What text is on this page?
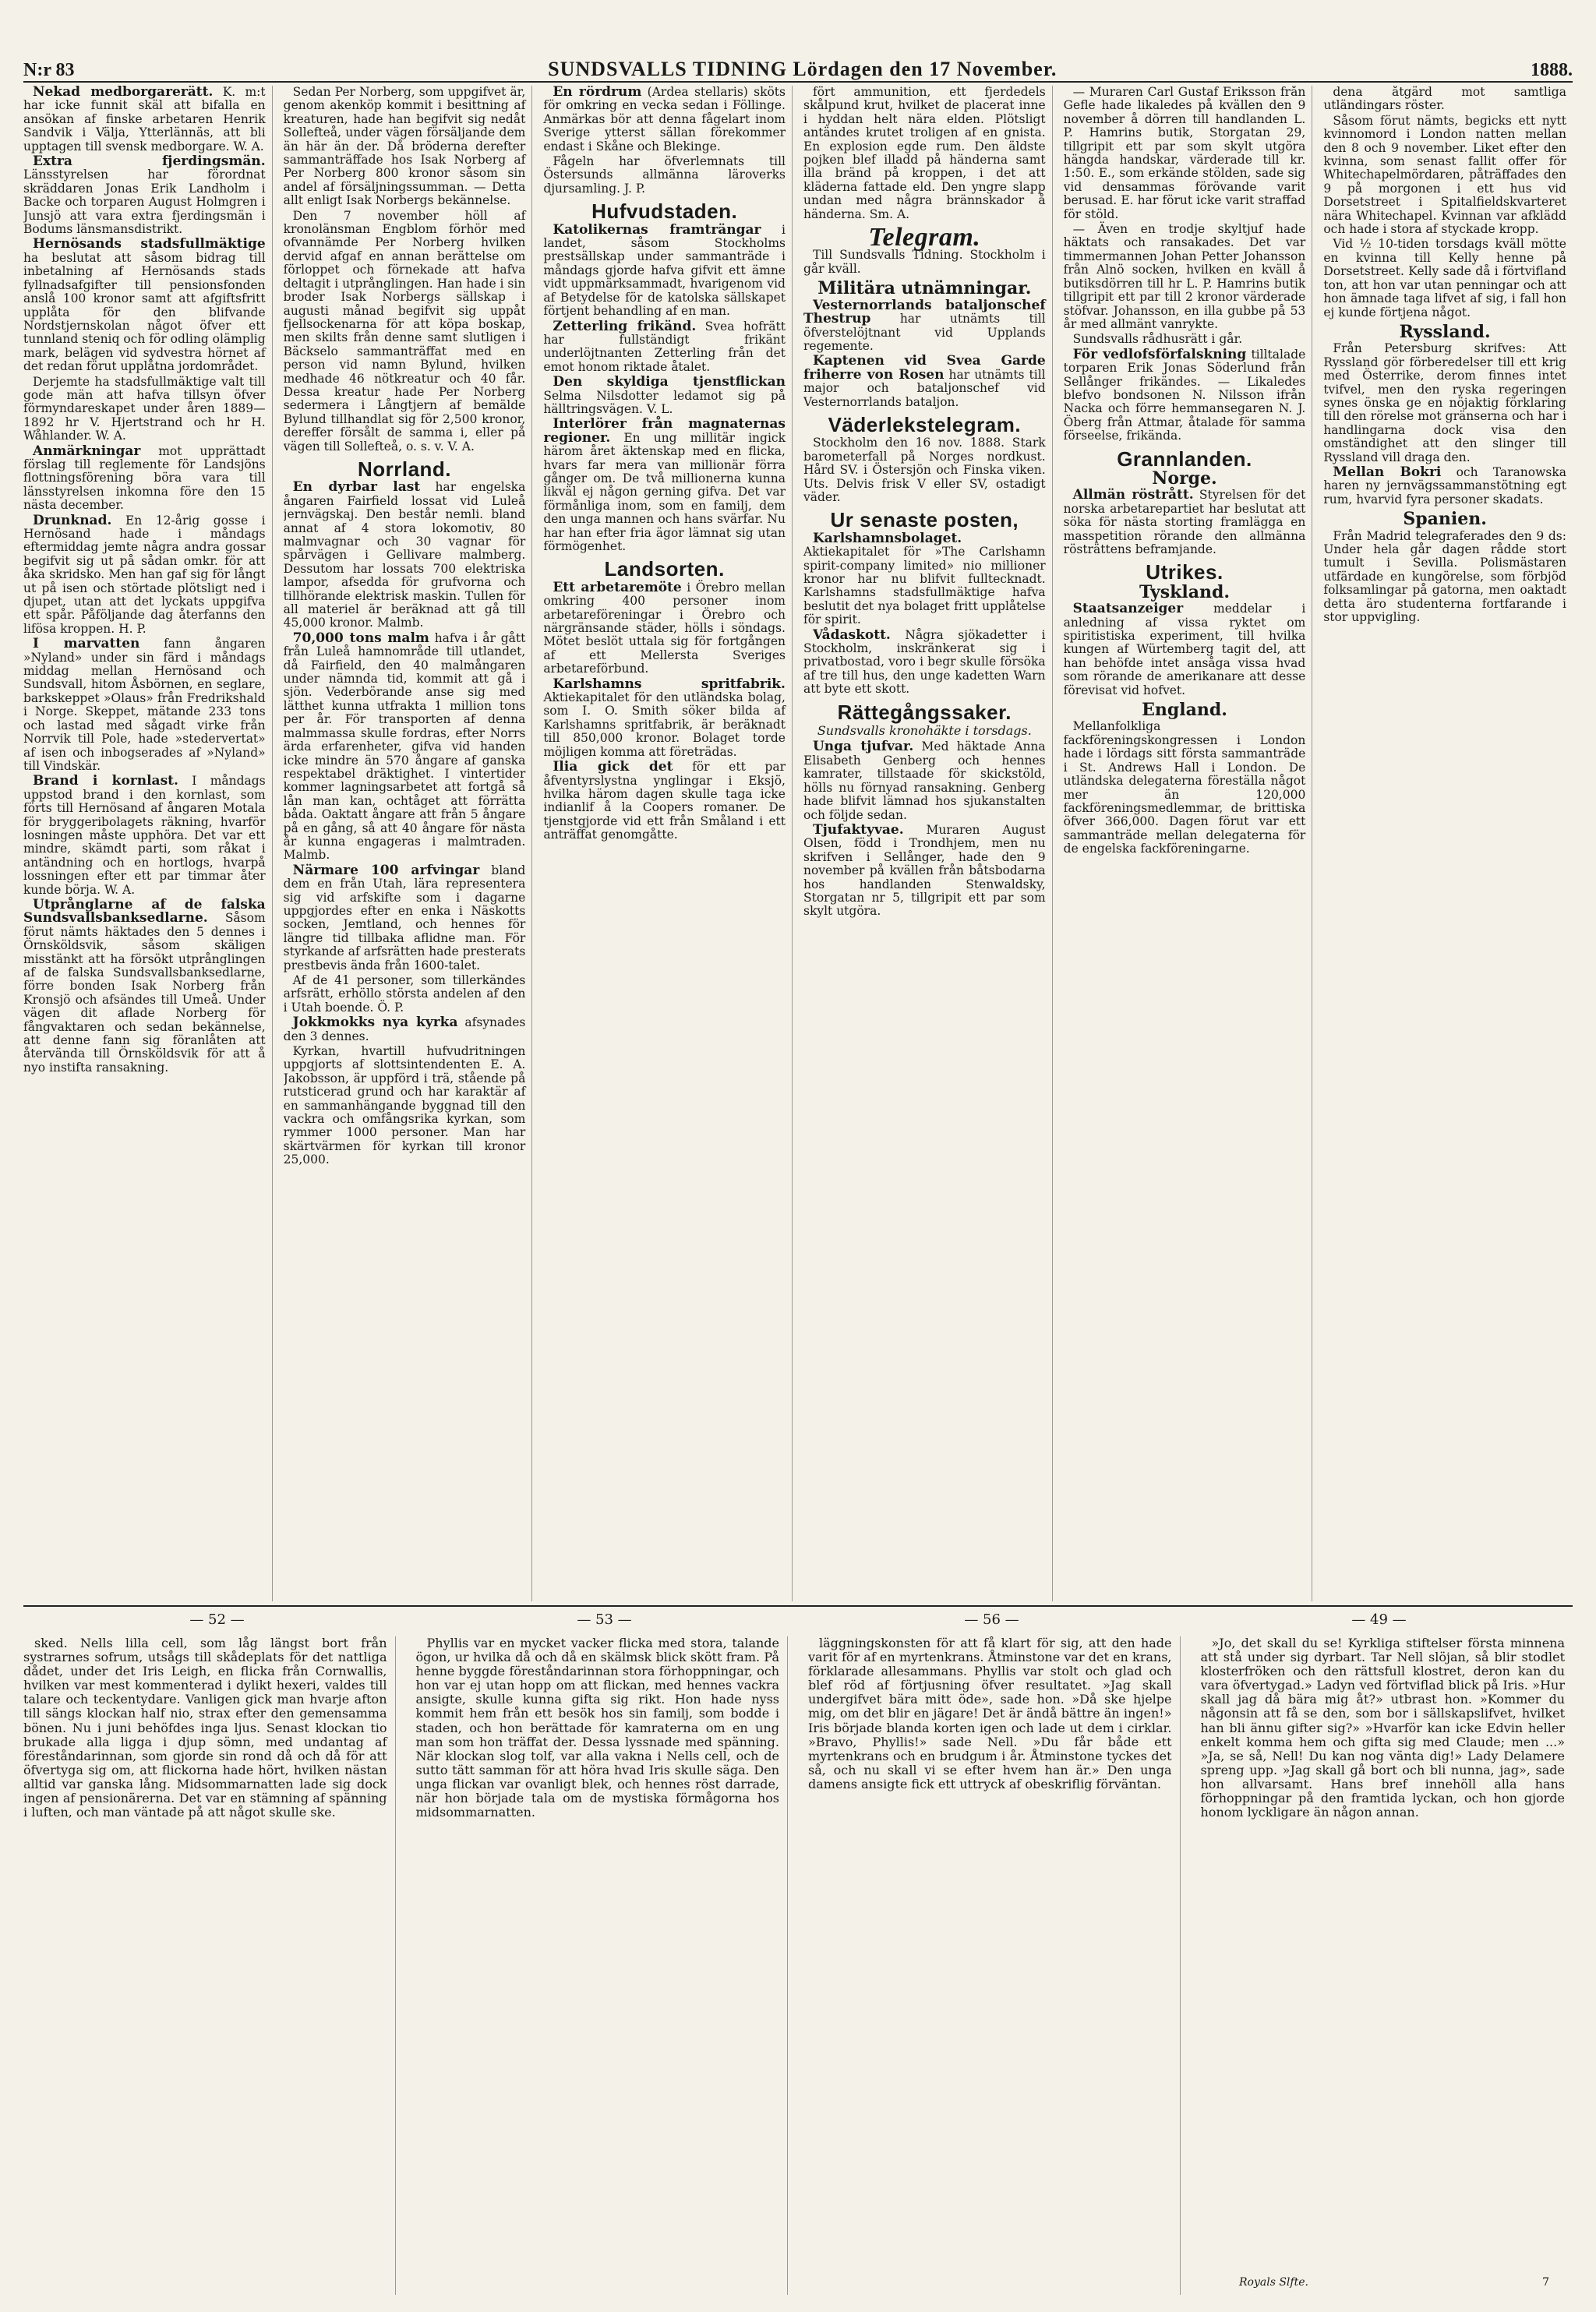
N:r 83	SUNDSVALLS TIDNING Lördagen den 17 November.	1888.

Nekad medborgarerätt. K. m:t har icke funnit skäl att bifalla en ansökan af finske arbetaren Henrik Sandvik i Välja, Ytterlännäs, att bli upptagen till svensk medborgare. W. A.

Extra fjerdingsmän. Länsstyrelsen har förordnat skräddaren Jonas Erik Landholm i Backe och torparen August Holmgren i Junsjö att vara extra fjerdingsmän i Bodums länsmansdistrikt.

Hernösands stadsfullmäktige ha beslutat att såsom bidrag till inbetalning af Hernösands stads fyllnadsafgifter till pensionsfonden anslå 100 kronor samt att afgiftsfritt upplåta för den blifvande Nordstjernskolan något öfver ett tunnland steniq och för odling olämplig mark, belägen vid sydvestra hörnet af det redan förut upplåtna jordområdet.

Derjemte ha stadsfullmäktige valt till gode män att hafva tillsyn öfver förmyndareskapet under åren 1889—1892 hr V. Hjertstrand och hr H. Wåhlander. W. A.

Anmärkningar mot upprättadt förslag till reglemente för Landsjöns flottningsförening böra vara till länsstyrelsen inkomna före den 15 nästa december.

Drunknad. En 12-årig gosse i Hernösand hade i måndags eftermiddag jemte några andra gossar begifvit sig ut på sådan omkr. för att åka skridsko. Men han gaf sig för långt ut på isen och störtade plötsligt ned i djupet, utan att det lyckats uppgifva ett spår. Påföljande dag återfanns den lifösa kroppen. H. P.

I marvatten fann ångaren »Nyland» under sin färd i måndags middag mellan Hernösand och Sundsvall, hitom Åsbörnen, en seglare, barkskeppet »Olaus» från Fredrikshald i Norge. Skeppet, mätande 233 tons och lastad med sågadt virke från Norrvik till Pole, hade »stedervertat» af isen och inbogserades af »Nyland» till Vindskär.

Brand i kornlast. I måndags uppstod brand i den kornlast, som förts till Hernösand af ångaren Motala för bryggeribolagets räkning, hvarför losningen måste upphöra. Det var ett mindre, skämdt parti, som råkat i antändning och en hortlogs, hvarpå lossningen efter ett par timmar åter kunde börja. W. A.

Utprånglarne af de falska Sundsvallsbanksedlarne. Såsom förut nämts häktades den 5 dennes i Örnsköldsvik, såsom skäligen misstänkt att ha försökt utprånglingen af de falska Sundsvallsbanksedlarne, förre bonden Isak Norberg från Kronsjö och afsändes till Umeå. Under vägen dit aflade Norberg för fångvaktaren och sedan bekännelse, att denne fann sig föranlåten att återvända till Örnsköldsvik för att å nyo instifta ransakning.

Sedan Per Norberg, som uppgifvet är, genom akenköp kommit i besittning af kreaturen, hade han begifvit sig nedåt Sollefteå, under vägen försäljande dem än här än der. Då bröderna derefter sammanträffade hos Isak Norberg af Per Norberg 800 kronor såsom sin andel af försäljningssumman. — Detta allt enligt Isak Norbergs bekännelse.

Den 7 november höll af kronolänsman Engblom förhör med ofvannämde Per Norberg hvilken dervid afgaf en annan berättelse om förloppet och förnekade att hafva deltagit i utprånglingen. Han hade i sin broder Isak Norbergs sällskap i augusti månad begifvit sig uppåt fjellsockenarna för att köpa boskap, men skilts från denne samt slutligen i Bäckselo sammanträffat med en person vid namn Bylund, hvilken medhade 46 nötkreatur och 40 får. Dessa kreatur hade Per Norberg sedermera i Långtjern af bemälde Bylund tillhandlat sig för 2,500 kronor, dereffer försålt de samma i, eller på vägen till Sollefteå, o. s. v. V. A.

Norrland.

En dyrbar last har engelska ångaren Fairfield lossat vid Luleå jernvägskaj. Den består nemli. bland annat af 4 stora lokomotiv, 80 malmvagnar och 30 vagnar för spårvägen i Gellivare malmberg. Dessutom har lossats 700 elektriska lampor, afsedda för grufvorna och tillhörande elektrisk maskin. Tullen för all materiel är beräknad att gå till 45,000 kronor. Malmb.

70,000 tons malm hafva i år gått från Luleå hamnområde till utlandet, då Fairfield, den 40 malmångaren under nämnda tid, kommit att gå i sjön. Vederbörande anse sig med lätthet kunna utfrakta 1 million tons per år. För transporten af denna malmmassa skulle fordras, efter Norrs ärda erfarenheter, gifva vid handen icke mindre än 570 ångare af ganska respektabel dräktighet. I vintertider kommer lagningsarbetet att fortgå så lån man kan, ochtåget att förrätta båda. Oaktatt ångare att från 5 ångare på en gång, så att 40 ångare för nästa år kunna engageras i malmtraden. Malmb.

Närmare 100 arfvingar bland dem en från Utah, lära representera sig vid arfskifte som i dagarne uppgjordes efter en enka i Näskotts socken, Jemtland, och hennes för längre tid tillbaka aflidne man. För styrkande af arfsrätten hade presterats prestbevis ända från 1600-talet.

Af de 41 personer, som tillerkändes arfsrätt, erhöllo största andelen af den i Utah boende. Ö. P.

Jokkmokks nya kyrka afsynades den 3 dennes.

Kyrkan, hvartill hufvudritningen uppgjorts af slottsintendenten E. A. Jakobsson, är uppförd i trä, stående på rutsticerad grund och har karaktär af en sammanhängande byggnad till den vackra och omfångsrika kyrkan, som rymmer 1000 personer. Man har skärtvärmen för kyrkan till kronor 25,000.

En rördrum (Ardea stellaris) sköts för omkring en vecka sedan i Föllinge. Anmärkas bör att denna fågelart inom Sverige ytterst sällan förekommer endast i Skåne och Blekinge.

Fågeln har öfverlemnats till Östersunds allmänna läroverks djursamling. J. P.

Hufvudstaden.

Katolikernas framträngar i landet, såsom Stockholms prestsällskap under sammanträde i måndags gjorde hafva gifvit ett ämne vidt uppmärksammadt, hvarigenom vid af Betydelse för de katolska sällskapet förtjent behandling af en man.

Zetterling frikänd. Svea hofrätt har fullständigt frikänt underlöjtnanten Zetterling från det emot honom riktade åtalet.

Den skyldiga tjenstflickan Selma Nilsdotter ledamot sig på hälltringsvägen. V. L.

Interlörer från magnaternas regioner. En ung millitär ingick härom året äktenskap med en flicka, hvars far mera van millionär förra gånger om. De två millionerna kunna likväl ej någon gerning gifva. Det var förmånliga inom, som en familj, dem den unga mannen och hans svärfar. Nu har han efter fria ägor lämnat sig utan förmögenhet.

Landsorten.

Ett arbetaremöte i Örebro mellan omkring 400 personer inom arbetareföreningar i Örebro och närgränsande städer, hölls i söndags. Mötet beslöt uttala sig för fortgången af ett Mellersta Sveriges arbetareförbund.

Karlshamns spritfabrik. Aktiekapitalet för den utländska bolag, som I. O. Smith söker bilda af Karlshamns spritfabrik, är beräknadt till 850,000 kronor. Bolaget torde möjligen komma att företrädas.

Ilia gick det för ett par åfventyrslystna ynglingar i Eksjö, hvilka härom dagen skulle taga icke indianlif å la Coopers romaner. De tjenstgjorde vid ett från Småland i ett anträffat genomgåtte.

fört ammunition, ett fjerdedels skålpund krut, hvilket de placerat inne i hyddan helt nära elden. Plötsligt antändes krutet troligen af en gnista. En explosion egde rum. Den äldste pojken blef illadd på händerna samt illa bränd på kroppen, i det att kläderna fattade eld. Den yngre slapp undan med några brännskador å händerna. Sm. A.

Telegram.

Till Sundsvalls Tidning. Stockholm i går kväll.

Militära utnämningar.

Vesternorrlands bataljonschef Thestrup har utnämts till öfverstelöjtnant vid Upplands regemente.

Kaptenen vid Svea Garde friherre von Rosen har utnämts till major och bataljonschef vid Vesternorrlands bataljon.

Väderlekstelegram.

Stockholm den 16 nov. 1888. Stark barometerfall på Norges nordkust. Hård SV. i Östersjön och Finska viken. Uts. Delvis frisk V eller SV, ostadigt väder.

Ur senaste posten,

Karlshamnsbolaget. Aktiekapitalet för »The Carlshamn spirit-company limited» nio millioner kronor har nu blifvit fulltecknadt. Karlshamns stadsfullmäktige hafva beslutit det nya bolaget fritt upplåtelse för spirit.

Vådaskott. Några sjökadetter i Stockholm, inskränkerat sig i privatbostad, voro i begr skulle försöka af tre till hus, den unge kadetten Warn att byte ett skott.

Rättegångssaker.
Sundsvalls kronohäkte i torsdags.

Unga tjufvar. Med häktade Anna Elisabeth Genberg och hennes kamrater, tillstaade för skickstöld, hölls nu förnyad ransakning. Genberg hade blifvit lämnad hos sjukanstalten och följde sedan.

Tjufaktyvae. Muraren August Olsen, född i Trondhjem, men nu skrifven i Sellånger, hade den 9 november på kvällen från båtsbodarna hos handlanden Stenwaldsky, Storgatan nr 5, tillgripit ett par som skylt utgöra.

— Muraren Carl Gustaf Eriksson från Gefle hade likaledes på kvällen den 9 november å dörren till handlanden L. P. Hamrins butik, Storgatan 29, tillgripit ett par som skylt utgöra hängda handskar, värderade till kr. 1:50. E., som erkände stölden, sade sig vid densammas förövande varit berusad. E. har förut icke varit straffad för stöld.

— Även en trodje skyltjuf hade häktats och ransakades. Det var timmermannen Johan Petter Johansson från Alnö socken, hvilken en kväll å butiksdörren till hr L. P. Hamrins butik tillgripit ett par till 2 kronor värderade stöfvar. Johansson, en illa gubbe på 53 år med allmänt vanrykte.

Sundsvalls rådhusrätt i går.

För vedlofsförfalskning tilltalade torparen Erik Jonas Söderlund från Sellånger frikändes. — Likaledes blefvo bondsonen N. Nilsson ifrån Nacka och förre hemmansegaren N. J. Öberg från Attmar, åtalade för samma förseelse, frikända.

Grannlanden.
Norge.

Allmän röstrått. Styrelsen för det norska arbetarepartiet har beslutat att söka för nästa storting framlägga en masspetition rörande den allmänna rösträttens beframjande.

Utrikes.
Tyskland.

Staatsanzeiger	meddelar i anledning af vissa ryktet om spiritistiska experiment, till hvilka kungen af Würtemberg tagit del, att han behöfde intet ansåga vissa hvad som rörande de amerikanare att desse förevisat vid hofvet.

England.

Mellanfolkliga fackföreningskongressen i London hade i lördags sitt första sammanträde i St. Andrews Hall i London. De utländska delegaterna föreställa något mer än 120,000 fackföreningsmedlemmar, de brittiska öfver 366,000. Dagen förut var ett sammanträde mellan delegaterna för de engelska fackföreningarne.

dena åtgärd mot samtliga utländingars röster.

Såsom förut nämts, begicks ett nytt kvinnomord i London natten mellan den 8 och 9 november. Liket efter den kvinna, som senast fallit offer för Whitechapelmördaren, påträffades den 9 på morgonen i ett hus vid Dorsetstreet i Spitalfieldskvarteret nära Whitechapel. Kvinnan var afklädd och hade i stora af styckade kropp.

Vid ½ 10-tiden torsdags kväll mötte en kvinna till Kelly henne på Dorsetstreet. Kelly sade då i förtvifland ton, att hon var utan penningar och att hon ämnade taga lifvet af sig, i fall hon ej kunde förtjena något.

Ryssland.

Från Petersburg skrifves: Att Ryssland gör förberedelser till ett krig med Österrike, derom finnes intet tvifvel, men den ryska regeringen synes önska ge en nöjaktig förklaring till den rörelse mot gränserna och har i handlingarna dock visa den omständighet att den slinger till Ryssland vill draga den.

Mellan Bokri och Taranowska haren ny jernvägssammanstötning egt rum, hvarvid fyra personer skadats.

Spanien.

Från Madrid telegraferades den 9 ds: Under hela går dagen rådde stort tumult i Sevilla. Polismästaren utfärdade en kungörelse, som förbjöd folksamlingar på gatorna, men oaktadt detta äro studenterna fortfarande i stor uppvigling.

— 52 —	— 53 —	— 56 —	— 49 —

sked. Nells lilla cell, som låg längst bort från systrarnes sofrum, utsågs till skådeplats för det nattliga dådet, under det Iris Leigh, en flicka från Cornwallis, hvilken var mest kommenterad i dylikt hexeri, valdes till talare och teckentydare. Vanligen gick man hvarje afton till sängs klockan half nio, strax efter den gemensamma bönen. Nu i juni behöfdes inga ljus. Senast klockan tio brukade alla ligga i djup sömn, med undantag af föreståndarinnan, som gjorde sin rond då och då för att öfvertyga sig om, att flickorna hade hört, hvilken nästan alltid var ganska lång. Midsommarnatten lade sig dock ingen af pensionärerna. Det var en stämning af spänning i luften, och man väntade på att något skulle ske.

Phyllis var en mycket vacker flicka med stora, talande ögon, ur hvilka då och då en skälmsk blick skött fram. På henne byggde föreståndarinnan stora förhoppningar, och hon var ej utan hopp om att flickan, med hennes vackra ansigte, skulle kunna gifta sig rikt. Hon hade nyss kommit hem från ett besök hos sin familj, som bodde i staden, och hon berättade för kamraterna om en ung man som hon träffat der. Dessa lyssnade med spänning. När klockan slog tolf, var alla vakna i Nells cell, och de sutto tätt samman för att höra hvad Iris skulle säga. Den unga flickan var ovanligt blek, och hennes röst darrade, när hon började tala om de mystiska förmågorna hos midsommarnatten.

läggningskonsten för att få klart för sig, att den hade varit för af en myrtenkrans. Åtminstone var det en krans, förklarade allesammans. Phyllis var stolt och glad och blef röd af förtjusning öfver resultatet. »Jag skall undergifvet bära mitt öde», sade hon. »Då ske hjelpe mig, om det blir en jägare! Det är ändå bättre än ingen!» Iris började blanda korten igen och lade ut dem i cirklar. »Bravo, Phyllis!» sade Nell. »Du får både ett myrtenkrans och en brudgum i år. Åtminstone tyckes det så, och nu skall vi se efter hvem han är.» Den unga damens ansigte fick ett uttryck af obeskriflig förväntan.

»Jo, det skall du se! Kyrkliga stiftelser första minnena att stå under sig dyrbart. Tar Nell slöjan, så blir stodlet klosterfröken och den rättsfull klostret, deron kan du vara öfvertygad.» Ladyn ved förtviflad blick på Iris. »Hur skall jag då bära mig åt?» utbrast hon. »Kommer du någonsin att få se den, som bor i sällskapslifvet, hvilket han bli ännu gifter sig?» »Hvarför kan icke Edvin heller enkelt komma hem och gifta sig med Claude; men ...» »Ja, se så, Nell! Du kan nog vänta dig!» Lady Delamere spreng upp. »Jag skall gå bort och bli nunna, jag», sade hon allvarsamt. Hans bref innehöll alla hans förhoppningar på den framtida lyckan, och hon gjorde honom lyckligare än någon annan.

Royals Slfte.	7
